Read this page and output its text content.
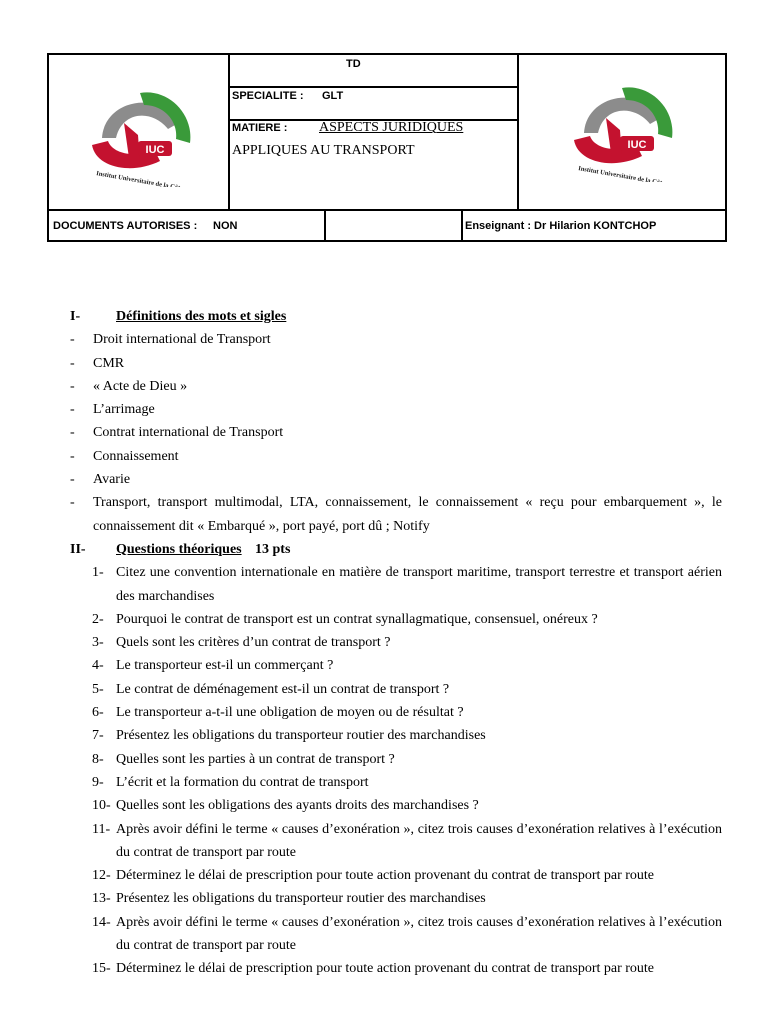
TD
SPECIALITE : GLT
MATIERE : ASPECTS JURIDIQUES
APPLIQUES AU TRANSPORT
DOCUMENTS AUTORISES : NON	Enseignant : Dr Hilarion KONTCHOP
IUC
Institut Universitaire de la Côte
IUC
Institut Universitaire de la Côte
I-	Définitions des mots et sigles
- Droit international de Transport
- CMR
- « Acte de Dieu »
- L’arrimage
- Contrat international de Transport
- Connaissement
- Avarie
- Transport, transport multimodal, LTA, connaissement, le connaissement « reçu pour embarquement », le
connaissement dit « Embarqué », port payé, port dû ; Notify
II- Questions théoriques 13 pts
1- Citez une convention internationale en matière de transport maritime, transport terrestre et transport aérien
des marchandises
2- Pourquoi le contrat de transport est un contrat synallagmatique, consensuel, onéreux ?
3- Quels sont les critères d’un contrat de transport ?
4- Le transporteur est-il un commerçant ?
5- Le contrat de déménagement est-il un contrat de transport ?
6- Le transporteur a-t-il une obligation de moyen ou de résultat ?
7- Présentez les obligations du transporteur routier des marchandises
8- Quelles sont les parties à un contrat de transport ?
9- L’écrit et la formation du contrat de transport
10- Quelles sont les obligations des ayants droits des marchandises ?
11- Après avoir défini le terme « causes d’exonération », citez trois causes d’exonération relatives à l’exécution
du contrat de transport par route
12- Déterminez le délai de prescription pour toute action provenant du contrat de transport par route
13- Présentez les obligations du transporteur routier des marchandises
14- Après avoir défini le terme « causes d’exonération », citez trois causes d’exonération relatives à l’exécution
du contrat de transport par route
15- Déterminez le délai de prescription pour toute action provenant du contrat de transport par route
